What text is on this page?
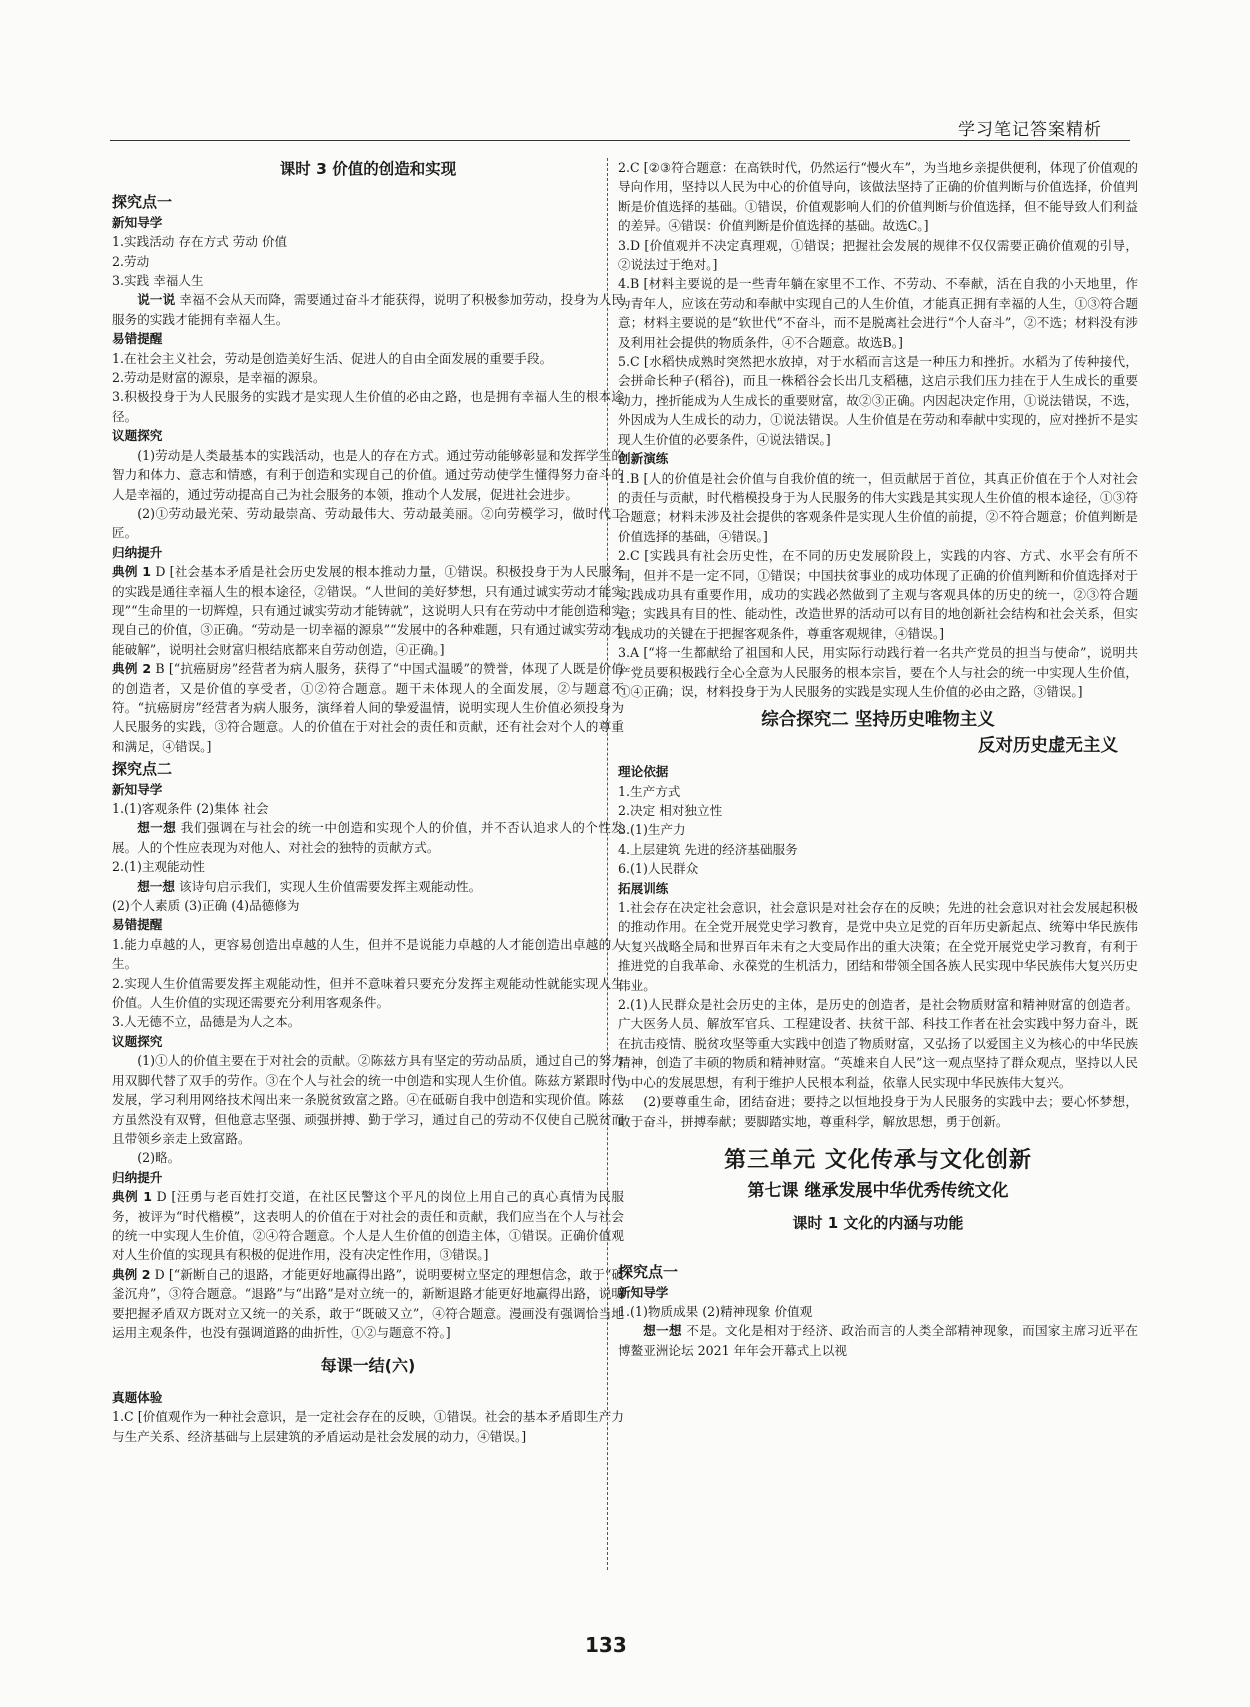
学习笔记答案精析
课时 3 价值的创造和实现
探究点一
新知导学

1.实践活动 存在方式 劳动 价值

2.劳动

3.实践 幸福人生

说一说 幸福不会从天而降，需要通过奋斗才能获得，说明了积极参加劳动，投身为人民服务的实践才能拥有幸福人生。

易错提醒

1.在社会主义社会，劳动是创造美好生活、促进人的自由全面发展的重要手段。

2.劳动是财富的源泉，是幸福的源泉。

3.积极投身于为人民服务的实践才是实现人生价值的必由之路，也是拥有幸福人生的根本途径。

议题探究

(1)劳动是人类最基本的实践活动，也是人的存在方式。通过劳动能够彰显和发挥学生的智力和体力、意志和情感，有利于创造和实现自己的价值。通过劳动使学生懂得努力奋斗的人是幸福的，通过劳动提高自己为社会服务的本领，推动个人发展，促进社会进步。

(2)①劳动最光荣、劳动最崇高、劳动最伟大、劳动最美丽。②向劳模学习，做时代工匠。

归纳提升

典例 1 D [社会基本矛盾是社会历史发展的根本推动力量，①错误。积极投身于为人民服务的实践是通往幸福人生的根本途径，②错误。“人世间的美好梦想，只有通过诚实劳动才能实现”“生命里的一切辉煌，只有通过诚实劳动才能铸就”，这说明人只有在劳动中才能创造和实现自己的价值，③正确。“劳动是一切幸福的源泉”“发展中的各种难题，只有通过诚实劳动才能破解”，说明社会财富归根结底都来自劳动创造，④正确。]

典例 2 B [“抗癌厨房”经营者为病人服务，获得了“中国式温暖”的赞誉，体现了人既是价值的创造者，又是价值的享受者，①②符合题意。题干未体现人的全面发展，②与题意不符。“抗癌厨房”经营者为病人服务，演绎着人间的挚爱温情，说明实现人生价值必须投身为人民服务的实践，③符合题意。人的价值在于对社会的责任和贡献，还有社会对个人的尊重和满足，④错误。]

探究点二
新知导学

1.(1)客观条件 (2)集体 社会

想一想 我们强调在与社会的统一中创造和实现个人的价值，并不否认追求人的个性发展。人的个性应表现为对他人、对社会的独特的贡献方式。

2.(1)主观能动性

想一想 该诗句启示我们，实现人生价值需要发挥主观能动性。

(2)个人素质 (3)正确 (4)品德修为

易错提醒

1.能力卓越的人，更容易创造出卓越的人生，但并不是说能力卓越的人才能创造出卓越的人生。

2.实现人生价值需要发挥主观能动性，但并不意味着只要充分发挥主观能动性就能实现人生价值。人生价值的实现还需要充分利用客观条件。

3.人无德不立，品德是为人之本。

议题探究

(1)①人的价值主要在于对社会的贡献。②陈兹方具有坚定的劳动品质，通过自己的努力用双脚代替了双手的劳作。③在个人与社会的统一中创造和实现人生价值。陈兹方紧跟时代发展，学习利用网络技术闯出来一条脱贫致富之路。④在砥砺自我中创造和实现价值。陈兹方虽然没有双臂，但他意志坚强、顽强拼搏、勤于学习，通过自己的劳动不仅使自己脱贫而且带领乡亲走上致富路。

(2)略。

归纳提升

典例 1 D [汪勇与老百姓打交道，在社区民警这个平凡的岗位上用自己的真心真情为民服务，被评为“时代楷模”，这表明人的价值在于对社会的责任和贡献，我们应当在个人与社会的统一中实现人生价值，②④符合题意。个人是人生价值的创造主体，①错误。正确价值观对人生价值的实现具有积极的促进作用，没有决定性作用，③错误。]

典例 2 D [“新断自己的退路，才能更好地赢得出路”，说明要树立坚定的理想信念，敢于“破釜沉舟”，③符合题意。“退路”与“出路”是对立统一的，新断退路才能更好地赢得出路，说明要把握矛盾双方既对立又统一的关系，敢于“既破又立”，④符合题意。漫画没有强调恰当地运用主观条件，也没有强调道路的曲折性，①②与题意不符。]

每课一结(六)
真题体验

1.C [价值观作为一种社会意识，是一定社会存在的反映，①错误。社会的基本矛盾即生产力与生产关系、经济基础与上层建筑的矛盾运动是社会发展的动力，④错误。]

2.C [②③符合题意：在高铁时代，仍然运行“慢火车”，为当地乡亲提供便利，体现了价值观的导向作用，坚持以人民为中心的价值导向，该做法坚持了正确的价值判断与价值选择，价值判断是价值选择的基础。①错误，价值观影响人们的价值判断与价值选择，但不能导致人们利益的差异。④错误：价值判断是价值选择的基础。故选C。]

3.D [价值观并不决定真理观，①错误；把握社会发展的规律不仅仅需要正确价值观的引导，②说法过于绝对。]

4.B [材料主要说的是一些青年躺在家里不工作、不劳动、不奉献，活在自我的小天地里，作为青年人，应该在劳动和奉献中实现自己的人生价值，才能真正拥有幸福的人生，①③符合题意；材料主要说的是“软世代”不奋斗，而不是脱离社会进行“个人奋斗”，②不选；材料没有涉及利用社会提供的物质条件，④不合题意。故选B。]

5.C [水稻快成熟时突然把水放掉，对于水稻而言这是一种压力和挫折。水稻为了传种接代，会拼命长种子(稻谷)，而且一株稻谷会长出几支稻穗，这启示我们压力挂在于人生成长的重要动力，挫折能成为人生成长的重要财富，故②③正确。内因起决定作用，①说法错误，不选，外因成为人生成长的动力，①说法错误。人生价值是在劳动和奉献中实现的，应对挫折不是实现人生价值的必要条件，④说法错误。]

创新演练

1.B [人的价值是社会价值与自我价值的统一，但贡献居于首位，其真正价值在于个人对社会的责任与贡献，时代楷模投身于为人民服务的伟大实践是其实现人生价值的根本途径，①③符合题意；材料未涉及社会提供的客观条件是实现人生价值的前提，②不符合题意；价值判断是价值选择的基础，④错误。]

2.C [实践具有社会历史性，在不同的历史发展阶段上，实践的内容、方式、水平会有所不同，但并不是一定不同，①错误；中国扶贫事业的成功体现了正确的价值判断和价值选择对于实践成功具有重要作用，成功的实践必然做到了主观与客观具体的历史的统一，②③符合题意；实践具有目的性、能动性，改造世界的活动可以有目的地创新社会结构和社会关系，但实践成功的关键在于把握客观条件，尊重客观规律，④错误。]

3.A [“将一生都献给了祖国和人民，用实际行动践行着一名共产党员的担当与使命”，说明共产党员要积极践行全心全意为人民服务的根本宗旨，要在个人与社会的统一中实现人生价值，①④正确；误，材料投身于为人民服务的实践是实现人生价值的必由之路，③错误。]

综合探究二 坚持历史唯物主义
反对历史虚无主义
理论依据

1.生产方式

2.决定 相对独立性

3.(1)生产力

4.上层建筑 先进的经济基础服务

6.(1)人民群众

拓展训练

1.社会存在决定社会意识，社会意识是对社会存在的反映；先进的社会意识对社会发展起积极的推动作用。在全党开展党史学习教育，是党中央立足党的百年历史新起点、统筹中华民族伟大复兴战略全局和世界百年未有之大变局作出的重大决策；在全党开展党史学习教育，有利于推进党的自我革命、永葆党的生机活力，团结和带领全国各族人民实现中华民族伟大复兴历史伟业。

2.(1)人民群众是社会历史的主体，是历史的创造者，是社会物质财富和精神财富的创造者。广大医务人员、解放军官兵、工程建设者、扶贫干部、科技工作者在社会实践中努力奋斗，既在抗击疫情、脱贫攻坚等重大实践中创造了物质财富，又弘扬了以爱国主义为核心的中华民族精神，创造了丰硕的物质和精神财富。“英雄来自人民”这一观点坚持了群众观点，坚持以人民为中心的发展思想，有利于维护人民根本利益，依靠人民实现中华民族伟大复兴。

(2)要尊重生命，团结奋进；要持之以恒地投身于为人民服务的实践中去；要心怀梦想，敢于奋斗，拼搏奉献；要脚踏实地，尊重科学，解放思想，勇于创新。

第三单元 文化传承与文化创新
第七课 继承发展中华优秀传统文化
课时 1 文化的内涵与功能
探究点一
新知导学

1.(1)物质成果 (2)精神现象 价值观

想一想 不是。文化是相对于经济、政治而言的人类全部精神现象，而国家主席习近平在博鳌亚洲论坛 2021 年年会开幕式上以视

133
